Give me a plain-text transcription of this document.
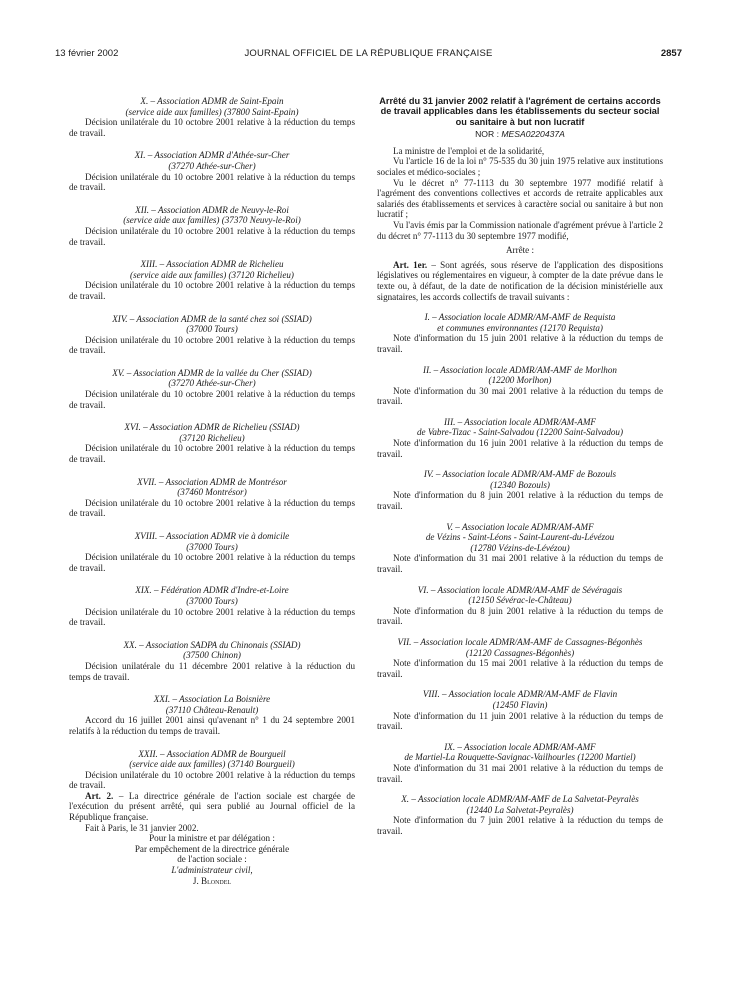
13 février 2002	JOURNAL OFFICIEL DE LA RÉPUBLIQUE FRANÇAISE	2857
X. – Association ADMR de Saint-Epain
(service aide aux familles) (37800 Saint-Epain)
Décision unilatérale du 10 octobre 2001 relative à la réduction du temps de travail.
XI. – Association ADMR d'Athée-sur-Cher
(37270 Athée-sur-Cher)
Décision unilatérale du 10 octobre 2001 relative à la réduction du temps de travail.
XII. – Association ADMR de Neuvy-le-Roi
(service aide aux familles) (37370 Neuvy-le-Roi)
Décision unilatérale du 10 octobre 2001 relative à la réduction du temps de travail.
XIII. – Association ADMR de Richelieu
(service aide aux familles) (37120 Richelieu)
Décision unilatérale du 10 octobre 2001 relative à la réduction du temps de travail.
XIV. – Association ADMR de la santé chez soi (SSIAD)
(37000 Tours)
Décision unilatérale du 10 octobre 2001 relative à la réduction du temps de travail.
XV. – Association ADMR de la vallée du Cher (SSIAD)
(37270 Athée-sur-Cher)
Décision unilatérale du 10 octobre 2001 relative à la réduction du temps de travail.
XVI. – Association ADMR de Richelieu (SSIAD)
(37120 Richelieu)
Décision unilatérale du 10 octobre 2001 relative à la réduction du temps de travail.
XVII. – Association ADMR de Montrésor
(37460 Montrésor)
Décision unilatérale du 10 octobre 2001 relative à la réduction du temps de travail.
XVIII. – Association ADMR vie à domicile
(37000 Tours)
Décision unilatérale du 10 octobre 2001 relative à la réduction du temps de travail.
XIX. – Fédération ADMR d'Indre-et-Loire
(37000 Tours)
Décision unilatérale du 10 octobre 2001 relative à la réduction du temps de travail.
XX. – Association SADPA du Chinonais (SSIAD)
(37500 Chinon)
Décision unilatérale du 11 décembre 2001 relative à la réduction du temps de travail.
XXI. – Association La Boisnière
(37110 Château-Renault)
Accord du 16 juillet 2001 ainsi qu'avenant n° 1 du 24 septembre 2001 relatifs à la réduction du temps de travail.
XXII. – Association ADMR de Bourgueil
(service aide aux familles) (37140 Bourgueil)
Décision unilatérale du 10 octobre 2001 relative à la réduction du temps de travail.
Art. 2. – La directrice générale de l'action sociale est chargée de l'exécution du présent arrêté, qui sera publié au Journal officiel de la République française.
Fait à Paris, le 31 janvier 2002.
Pour la ministre et par délégation :
Par empêchement de la directrice générale
de l'action sociale :
L'administrateur civil,
J. Blondel
Arrêté du 31 janvier 2002 relatif à l'agrément de certains accords de travail applicables dans les établissements du secteur social ou sanitaire à but non lucratif
NOR : MESA0220437A
La ministre de l'emploi et de la solidarité,
Vu l'article 16 de la loi n° 75-535 du 30 juin 1975 relative aux institutions sociales et médico-sociales ;
Vu le décret n° 77-1113 du 30 septembre 1977 modifié relatif à l'agrément des conventions collectives et accords de retraite applicables aux salariés des établissements et services à caractère social ou sanitaire à but non lucratif ;
Vu l'avis émis par la Commission nationale d'agrément prévue à l'article 2 du décret n° 77-1113 du 30 septembre 1977 modifié,
Arrête :
Art. 1er. – Sont agréés, sous réserve de l'application des dispositions législatives ou réglementaires en vigueur, à compter de la date prévue dans le texte ou, à défaut, de la date de notification de la décision ministérielle aux signataires, les accords collectifs de travail suivants :
I. – Association locale ADMR/AM-AMF de Requista
et communes environnantes (12170 Requista)
Note d'information du 15 juin 2001 relative à la réduction du temps de travail.
II. – Association locale ADMR/AM-AMF de Morlhon
(12200 Morlhon)
Note d'information du 30 mai 2001 relative à la réduction du temps de travail.
III. – Association locale ADMR/AM-AMF
de Vabre-Tizac - Saint-Salvadou (12200 Saint-Salvadou)
Note d'information du 16 juin 2001 relative à la réduction du temps de travail.
IV. – Association locale ADMR/AM-AMF de Bozouls
(12340 Bozouls)
Note d'information du 8 juin 2001 relative à la réduction du temps de travail.
V. – Association locale ADMR/AM-AMF
de Vézins - Saint-Léons - Saint-Laurent-du-Lévézou
(12780 Vézins-de-Lévézou)
Note d'information du 31 mai 2001 relative à la réduction du temps de travail.
VI. – Association locale ADMR/AM-AMF de Sévéragais
(12150 Sévérac-le-Château)
Note d'information du 8 juin 2001 relative à la réduction du temps de travail.
VII. – Association locale ADMR/AM-AMF de Cassagnes-Bégonhès
(12120 Cassagnes-Bégonhès)
Note d'information du 15 mai 2001 relative à la réduction du temps de travail.
VIII. – Association locale ADMR/AM-AMF de Flavin
(12450 Flavin)
Note d'information du 11 juin 2001 relative à la réduction du temps de travail.
IX. – Association locale ADMR/AM-AMF
de Martiel-La Rouquette-Savignac-Vailhourles (12200 Martiel)
Note d'information du 31 mai 2001 relative à la réduction du temps de travail.
X. – Association locale ADMR/AM-AMF de La Salvetat-Peyralès
(12440 La Salvetat-Peyralès)
Note d'information du 7 juin 2001 relative à la réduction du temps de travail.
